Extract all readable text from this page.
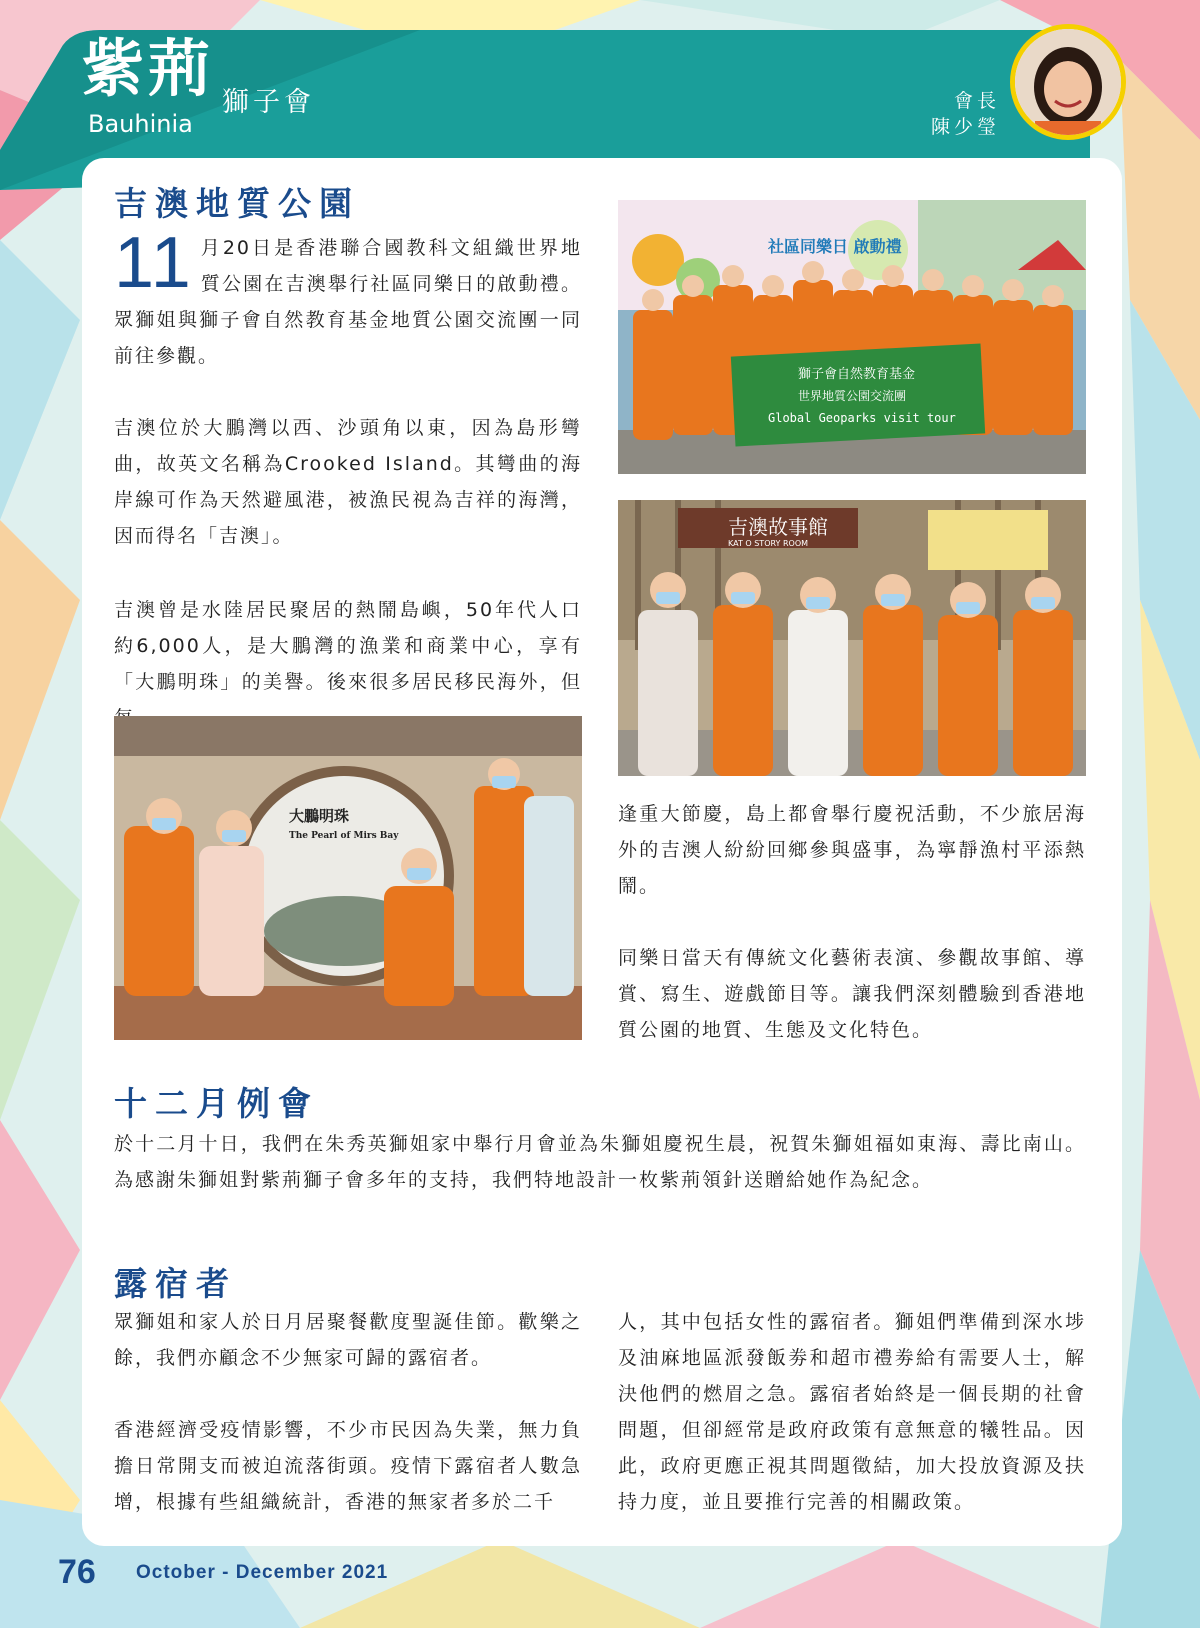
紫荊 獅子會
Bauhinia
會長
陳少瑩
吉澳地質公園
11 月20日是香港聯合國教科文組織世界地質公園在吉澳舉行社區同樂日的啟動禮。眾獅姐與獅子會自然教育基金地質公園交流團一同前往參觀。
吉澳位於大鵬灣以西、沙頭角以東，因為島形彎曲，故英文名稱為Crooked Island。其彎曲的海岸線可作為天然避風港，被漁民視為吉祥的海灣，因而得名「吉澳」。
吉澳曾是水陸居民聚居的熱鬧島嶼，50年代人口約6,000人，是大鵬灣的漁業和商業中心，享有「大鵬明珠」的美譽。後來很多居民移民海外，但
社區同樂日 啟動禮
獅子會自然教育基金
世界地質公園交流團
Global Geoparks visit tour
吉澳故事館
KAT O STORY ROOM
大鵬明珠
The Pearl of Mirs Bay
逢重大節慶，島上都會舉行慶祝活動，不少旅居海外的吉澳人紛紛回鄉參與盛事，為寧靜漁村平添熱鬧。
同樂日當天有傳統文化藝術表演、參觀故事館、導賞、寫生、遊戲節目等。讓我們深刻體驗到香港地質公園的地質、生態及文化特色。
十二月例會
於十二月十日，我們在朱秀英獅姐家中舉行月會並為朱獅姐慶祝生晨，祝賀朱獅姐福如東海、壽比南山。為感謝朱獅姐對紫荊獅子會多年的支持，我們特地設計一枚紫荊領針送贈給她作為紀念。
露宿者
眾獅姐和家人於日月居聚餐歡度聖誕佳節。歡樂之餘，我們亦顧念不少無家可歸的露宿者。
香港經濟受疫情影響，不少市民因為失業，無力負擔日常開支而被迫流落街頭。疫情下露宿者人數急增，根據有些組織統計，香港的無家者多於二千
人，其中包括女性的露宿者。獅姐們準備到深水埗及油麻地區派發飯劵和超市禮劵給有需要人士，解決他們的燃眉之急。露宿者始終是一個長期的社會問題，但卻經常是政府政策有意無意的犧牲品。因此，政府更應正視其問題徵結，加大投放資源及扶持力度，並且要推行完善的相關政策。
76 October - December 2021
